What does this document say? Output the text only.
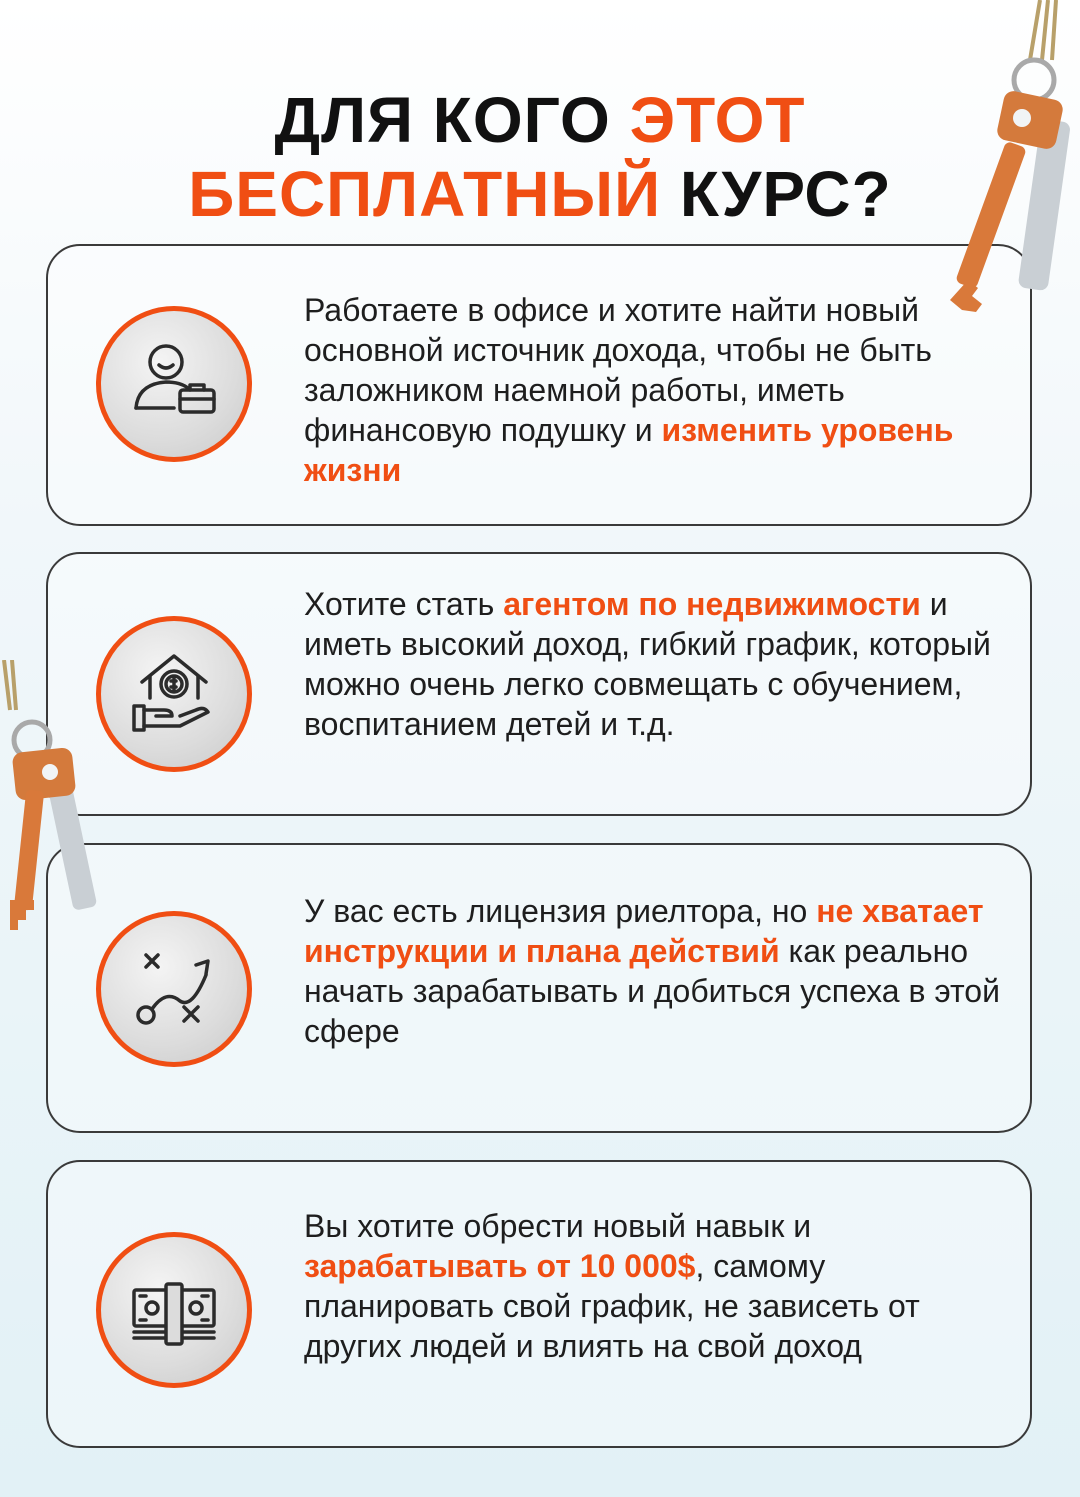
ДЛЯ КОГО ЭТОТ
БЕСПЛАТНЫЙ КУРС?
Работаете в офисе и хотите найти новый основной источник дохода, чтобы не быть заложником наемной работы, иметь финансовую подушку и изменить уровень жизни
Хотите стать агентом по недвижимости и иметь высокий доход, гибкий график, который можно очень легко совмещать с обучением, воспитанием детей и т.д.
У вас есть лицензия риелтора, но не хватает инструкции и плана действий как реально начать зарабатывать и добиться успеха в этой сфере
Вы хотите обрести новый навык и зарабатывать от 10 000$, самому планировать свой график, не зависеть от других людей и влиять на свой доход
